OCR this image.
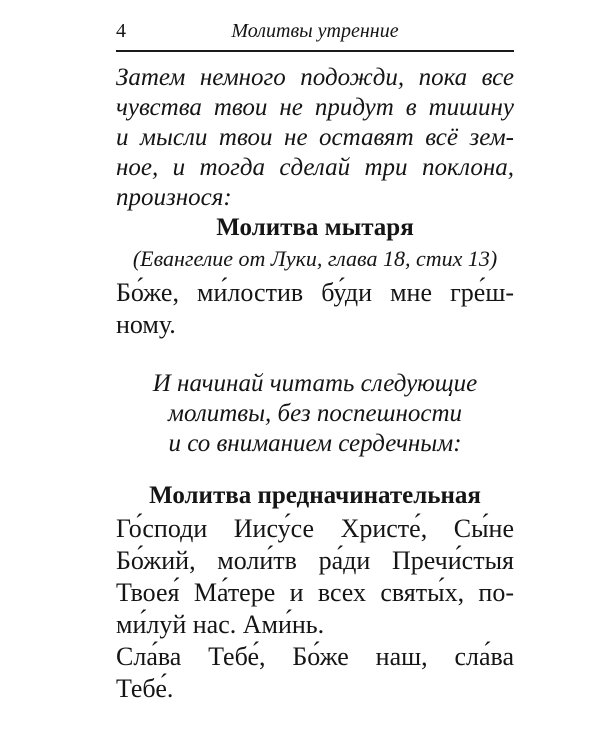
4	Молитвы утренние
Затем немного подожди, пока все
чувства твои не придут в тишину
и мысли твои не оставят всё зем-
ное, и тогда сделай три поклона,
произнося:
Молитва мытаря
(Евангелие от Луки, глава 18, стих 13)
Бо́же, ми́лостив бу́ди мне гре́ш-
ному.
И начинай читать следующие
молитвы, без поспешности
и со вниманием сердечным:
Молитва предначинательная
Го́споди Иису́се Христе́, Сы́не
Бо́жий, моли́тв ра́ди Пречи́стыя
Твоея́ Ма́тере и всех святы́х, по-
ми́луй нас. Ами́нь.
Сла́ва Тебе́, Бо́же наш, сла́ва
Тебе́.
